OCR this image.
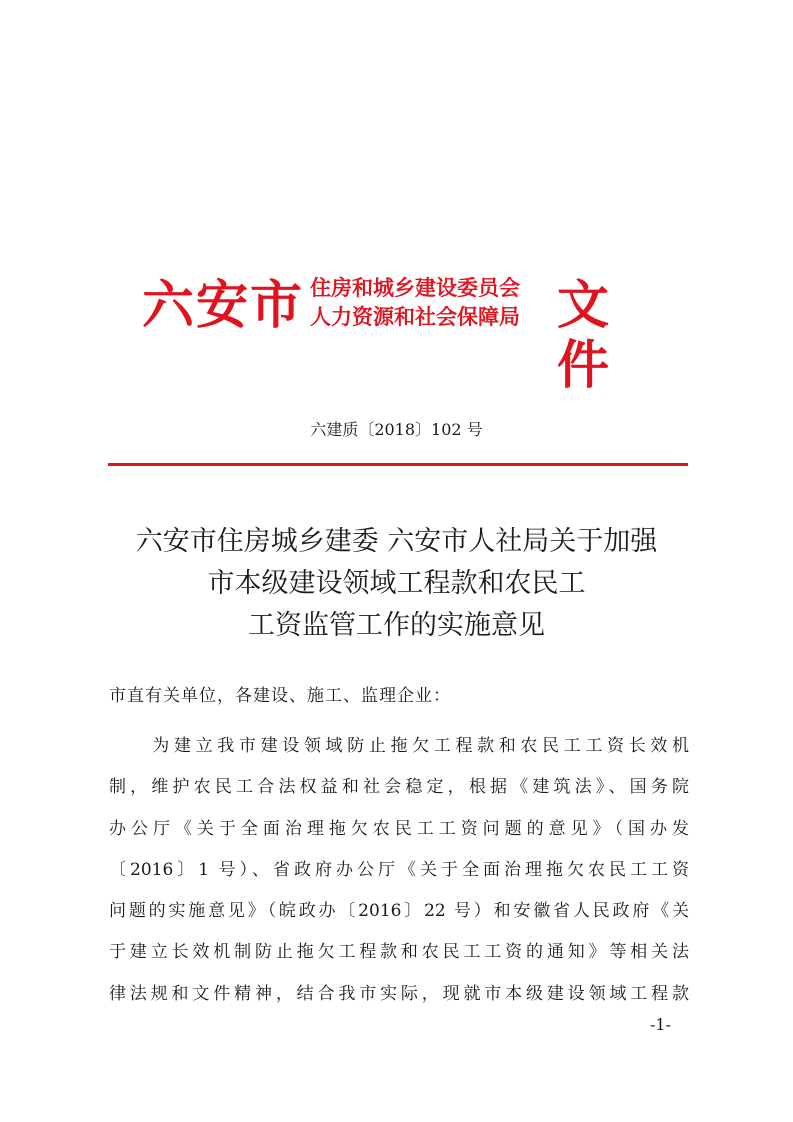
六安市 住房和城乡建设委员会
人力资源和社会保障局 文件
六建质〔2018〕102 号
六安市住房城乡建委 六安市人社局关于加强
市本级建设领域工程款和农民工
工资监管工作的实施意见
市直有关单位，各建设、施工、监理企业：
　　为建立我市建设领域防止拖欠工程款和农民工工资长效机
制，维护农民工合法权益和社会稳定，根据《建筑法》、国务院
办公厅《关于全面治理拖欠农民工工资问题的意见》（国办发
〔2016〕1 号）、省政府办公厅《关于全面治理拖欠农民工工资
问题的实施意见》（皖政办〔2016〕22 号）和安徽省人民政府《关
于建立长效机制防止拖欠工程款和农民工工资的通知》等相关法
律法规和文件精神，结合我市实际，现就市本级建设领域工程款
-1-
